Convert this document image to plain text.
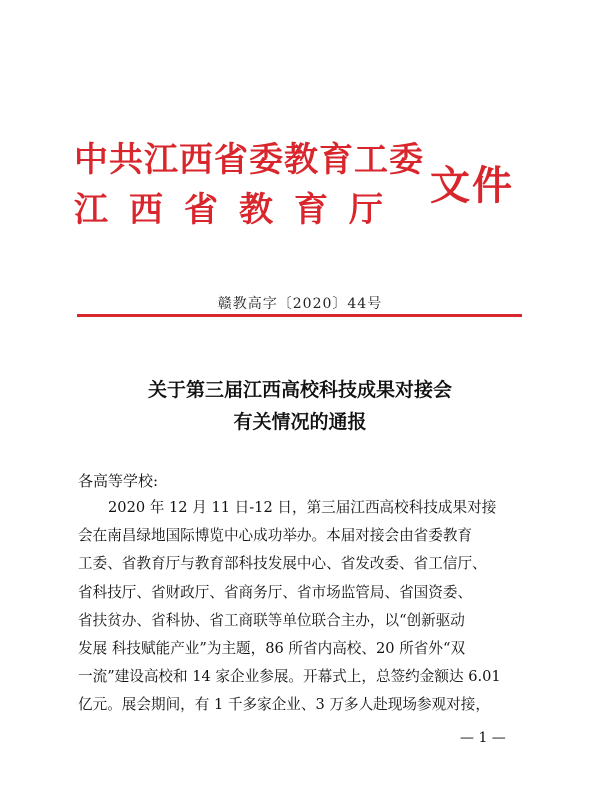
中共江西省委教育工委
江西省教育厅
文件
赣教高字〔2020〕44号
关于第三届江西高校科技成果对接会
有关情况的通报
各高等学校:
2020 年 12 月 11 日-12 日，第三届江西高校科技成果对接
会在南昌绿地国际博览中心成功举办。本届对接会由省委教育
工委、省教育厅与教育部科技发展中心、省发改委、省工信厅、
省科技厅、省财政厅、省商务厅、省市场监管局、省国资委、
省扶贫办、省科协、省工商联等单位联合主办，以“创新驱动
发展 科技赋能产业”为主题，86 所省内高校、20 所省外“双
一流”建设高校和 14 家企业参展。开幕式上，总签约金额达 6.01
亿元。展会期间，有 1 千多家企业、3 万多人赴现场参观对接，
— 1 —
